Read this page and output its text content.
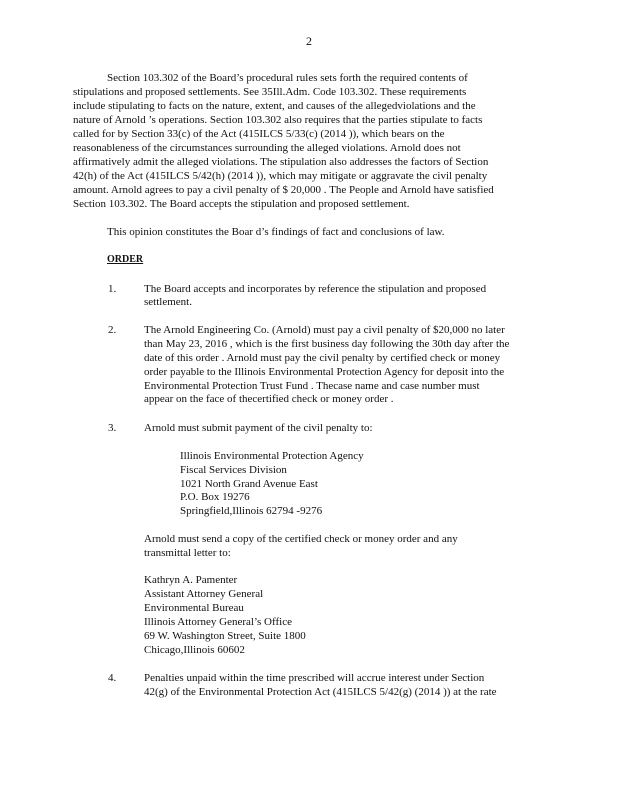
2
Section 103.302 of the Board’s procedural rules sets forth the required contents of
stipulations and proposed settlements. See 35Ill.Adm. Code 103.302. These requirements
include stipulating to facts on the nature, extent, and causes of the allegedviolations and the
nature of Arnold ’s operations. Section 103.302 also requires that the parties stipulate to facts
called for by Section 33(c) of the Act (415ILCS 5/33(c) (2014 )), which bears on the
reasonableness of the circumstances surrounding the alleged violations. Arnold does not
affirmatively admit the alleged violations. The stipulation also addresses the factors of Section
42(h) of the Act (415ILCS 5/42(h) (2014 )), which may mitigate or aggravate the civil penalty
amount. Arnold agrees to pay a civil penalty of $ 20,000 . The People and Arnold have satisfied
Section 103.302. The Board accepts the stipulation and proposed settlement.
This opinion constitutes the Boar d’s findings of fact and conclusions of law.
ORDER
1.	The Board accepts and incorporates by reference the stipulation and proposed
settlement.
2.	The Arnold Engineering Co. (Arnold) must pay a civil penalty of $20,000 no later
than May 23, 2016 , which is the first business day following the 30th day after the
date of this order . Arnold must pay the civil penalty by certified check or money
order payable to the Illinois Environmental Protection Agency for deposit into the
Environmental Protection Trust Fund . Thecase name and case number must
appear on the face of thecertified check or money order .
3.	Arnold must submit payment of the civil penalty to:
Illinois Environmental Protection Agency
Fiscal Services Division
1021 North Grand Avenue East
P.O. Box 19276
Springfield,Illinois 62794 -9276
Arnold must send a copy of the certified check or money order and any
transmittal letter to:
Kathryn A. Pamenter
Assistant Attorney General
Environmental Bureau
Illinois Attorney General’s Office
69 W. Washington Street, Suite 1800
Chicago,Illinois 60602
4.	Penalties unpaid within the time prescribed will accrue interest under Section
42(g) of the Environmental Protection Act (415ILCS 5/42(g) (2014 )) at the rate
